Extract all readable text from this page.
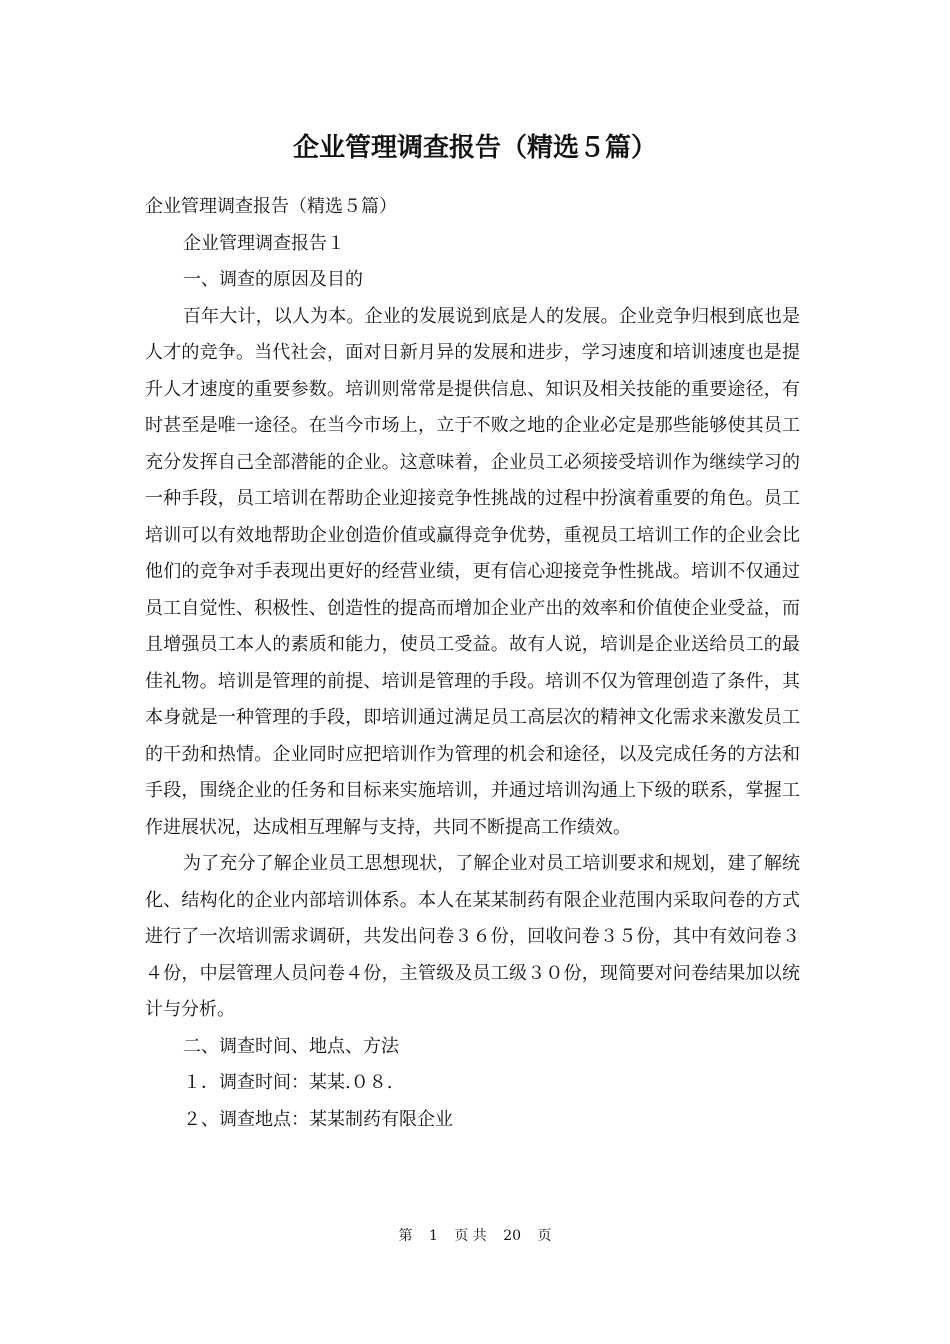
企业管理调查报告（精选５篇）

企业管理调查报告（精选５篇）

企业管理调查报告１

一、调查的原因及目的

百年大计，以人为本。企业的发展说到底是人的发展。企业竞争归根到底也是人才的竞争。当代社会，面对日新月异的发展和进步，学习速度和培训速度也是提升人才速度的重要参数。培训则常常是提供信息、知识及相关技能的重要途径，有时甚至是唯一途径。在当今市场上，立于不败之地的企业必定是那些能够使其员工充分发挥自己全部潜能的企业。这意味着，企业员工必须接受培训作为继续学习的一种手段，员工培训在帮助企业迎接竞争性挑战的过程中扮演着重要的角色。员工培训可以有效地帮助企业创造价值或赢得竞争优势，重视员工培训工作的企业会比他们的竞争对手表现出更好的经营业绩，更有信心迎接竞争性挑战。培训不仅通过员工自觉性、积极性、创造性的提高而增加企业产出的效率和价值使企业受益，而且增强员工本人的素质和能力，使员工受益。故有人说，培训是企业送给员工的最佳礼物。培训是管理的前提、培训是管理的手段。培训不仅为管理创造了条件，其本身就是一种管理的手段，即培训通过满足员工高层次的精神文化需求来激发员工的干劲和热情。企业同时应把培训作为管理的机会和途径，以及完成任务的方法和手段，围绕企业的任务和目标来实施培训，并通过培训沟通上下级的联系，掌握工作进展状况，达成相互理解与支持，共同不断提高工作绩效。

为了充分了解企业员工思想现状，了解企业对员工培训要求和规划，建了解统化、结构化的企业内部培训体系。本人在某某制药有限企业范围内采取问卷的方式进行了一次培训需求调研，共发出问卷３６份，回收问卷３５份，其中有效问卷３４份，中层管理人员问卷４份，主管级及员工级３０份，现简要对问卷结果加以统计与分析。

二、调查时间、地点、方法

１．调查时间：某某.０８.

２、调查地点：某某制药有限企业

第 1 页 共 20 页
